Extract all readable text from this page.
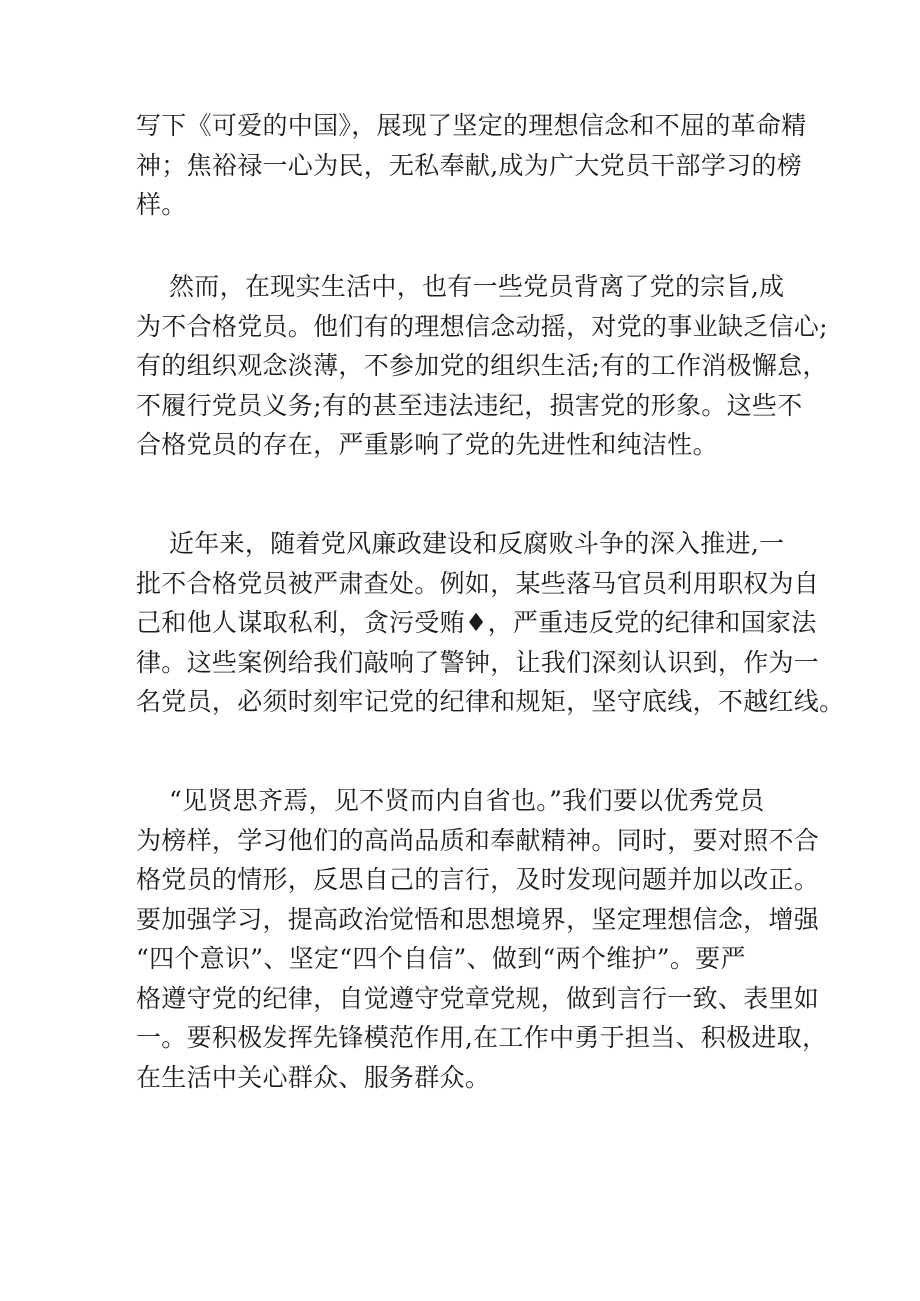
写下《可爱的中国》，展现了坚定的理想信念和不屈的革命精
神；焦裕禄一心为民，无私奉献,成为广大党员干部学习的榜
样。
然而，在现实生活中，也有一些党员背离了党的宗旨,成
为不合格党员。他们有的理想信念动摇，对党的事业缺乏信心;
有的组织观念淡薄，不参加党的组织生活;有的工作消极懈怠，
不履行党员义务;有的甚至违法违纪，损害党的形象。这些不
合格党员的存在，严重影响了党的先进性和纯洁性。
近年来，随着党风廉政建设和反腐败斗争的深入推进,一
批不合格党员被严肃查处。例如，某些落马官员利用职权为自
己和他人谋取私利，贪污受贿♦，严重违反党的纪律和国家法
律。这些案例给我们敲响了警钟，让我们深刻认识到，作为一
名党员，必须时刻牢记党的纪律和规矩，坚守底线，不越红线。
“见贤思齐焉，见不贤而内自省也。”我们要以优秀党员
为榜样，学习他们的高尚品质和奉献精神。同时，要对照不合
格党员的情形，反思自己的言行，及时发现问题并加以改正。
要加强学习，提高政治觉悟和思想境界，坚定理想信念，增强
“四个意识”、坚定“四个自信”、做到“两个维护”。要严
格遵守党的纪律，自觉遵守党章党规，做到言行一致、表里如
一。要积极发挥先锋模范作用,在工作中勇于担当、积极进取，
在生活中关心群众、服务群众。
